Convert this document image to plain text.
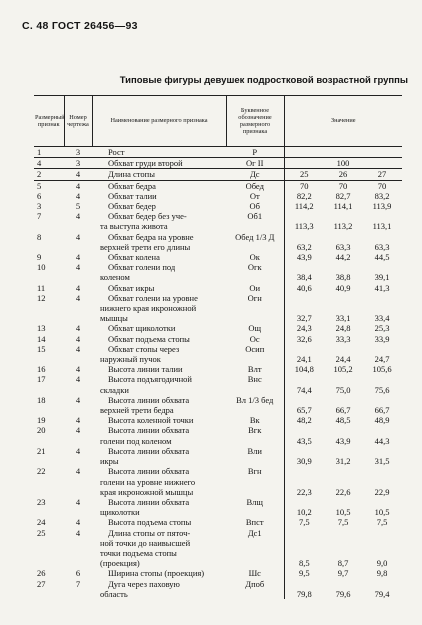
С. 48 ГОСТ 26456—93
Типовые фигуры девушек подростковой возрастной группы
Размерный признак	Номер чертежа	Наименование размерного признака	Буквенное обозначение размерного признака	Значение		
1	3	Рост	Р			
4	3	Обхват груди второй	Ог II		100	
2	4	Длина стопы	Дс	25	26	27
5	4	Обхват бедра	Обед	70	70	70
6	4	Обхват талии	От	82,2	82,7	83,2
3	5	Обхват бедер	Об	114,2	114,1	113,9
7	4	Обхват бедер без уче-
та выступа живота	Об1	113,3	113,2	113,1
8	4	Обхват бедра на уровне
верхней трети его длины	Обед 1/3 Д	63,2	63,3	63,3
9	4	Обхват колена	Ок	43,9	44,2	44,5
10	4	Обхват голени под
коленом	Огк	38,4	38,8	39,1
11	4	Обхват икры	Ои	40,6	40,9	41,3
12	4	Обхват голени на уровне
нижнего края икроножной
мышцы	Огн	32,7	33,1	33,4
13	4	Обхват щиколотки	Ощ	24,3	24,8	25,3
14	4	Обхват подъема стопы	Ос	32,6	33,3	33,9
15	4	Обхват стопы через
наружный пучок	Осип	24,1	24,4	24,7
16	4	Высота линии талии	Влт	104,8	105,2	105,6
17	4	Высота подъягодичной
складки	Внс	74,4	75,0	75,6
18	4	Высота линии обхвата
верхней трети бедра	Вл 1/3 бед	65,7	66,7	66,7
19	4	Высота коленной точки	Вк	48,2	48,5	48,9
20	4	Высота линии обхвата
голени под коленом	Вгк	43,5	43,9	44,3
21	4	Высота линии обхвата
икры	Вли	30,9	31,2	31,5
22	4	Высота линии обхвата
голени на уровне нижнего
края икроножной мышцы	Вгн	22,3	22,6	22,9
23	4	Высота линии обхвата
щиколотки	Влщ	10,2	10,5	10,5
24	4	Высота подъема стопы	Впст	7,5	7,5	7,5
25	4	Длина стопы от пяточ-
ной точки до наивысшей
точки подъема стопы
(проекция)	Дс1	8,5	8,7	9,0
26	6	Ширина стопы (проекция)	Шс	9,5	9,7	9,8
27	7	Дуга через паховую
область	Дпоб	79,8	79,6	79,4
